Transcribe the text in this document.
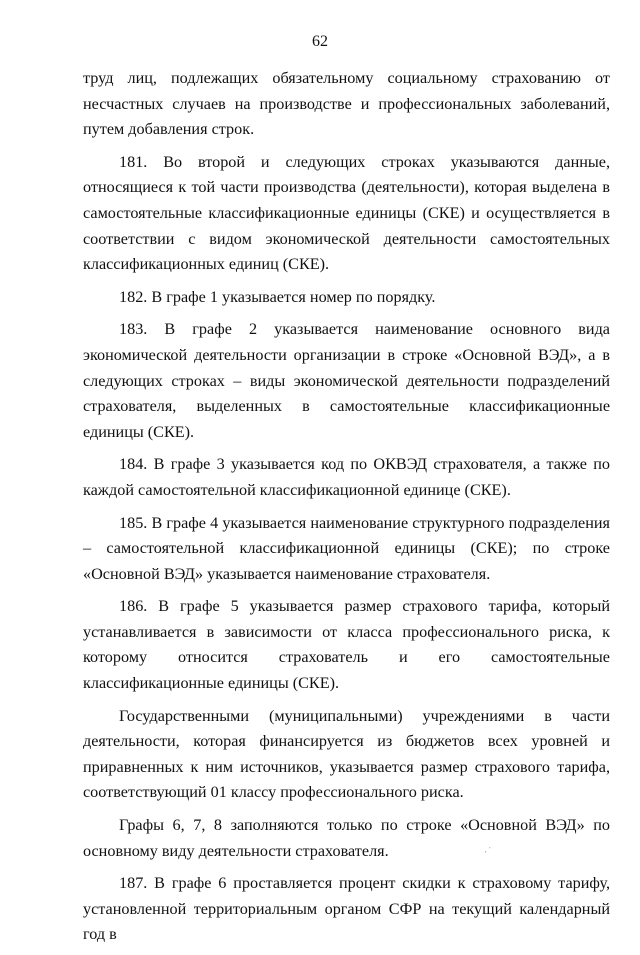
62

труд лиц, подлежащих обязательному социальному страхованию от несчастных случаев на производстве и профессиональных заболеваний, путем добавления строк.

181. Во второй и следующих строках указываются данные, относящиеся к той части производства (деятельности), которая выделена в самостоятельные классификационные единицы (СКЕ) и осуществляется в соответствии с видом экономической деятельности самостоятельных классификационных единиц (СКЕ).

182. В графе 1 указывается номер по порядку.

183. В графе 2 указывается наименование основного вида экономической деятельности организации в строке «Основной ВЭД», а в следующих строках – виды экономической деятельности подразделений страхователя, выделенных в самостоятельные классификационные единицы (СКЕ).

184. В графе 3 указывается код по ОКВЭД страхователя, а также по каждой самостоятельной классификационной единице (СКЕ).

185. В графе 4 указывается наименование структурного подразделения – самостоятельной классификационной единицы (СКЕ); по строке «Основной ВЭД» указывается наименование страхователя.

186. В графе 5 указывается размер страхового тарифа, который устанавливается в зависимости от класса профессионального риска, к которому относится страхователь и его самостоятельные классификационные единицы (СКЕ).

Государственными (муниципальными) учреждениями в части деятельности, которая финансируется из бюджетов всех уровней и приравненных к ним источников, указывается размер страхового тарифа, соответствующий 01 классу профессионального риска.

Графы 6, 7, 8 заполняются только по строке «Основной ВЭД» по основному виду деятельности страхователя.

187. В графе 6 проставляется процент скидки к страховому тарифу, установленной территориальным органом СФР на текущий календарный год в

· ˙
